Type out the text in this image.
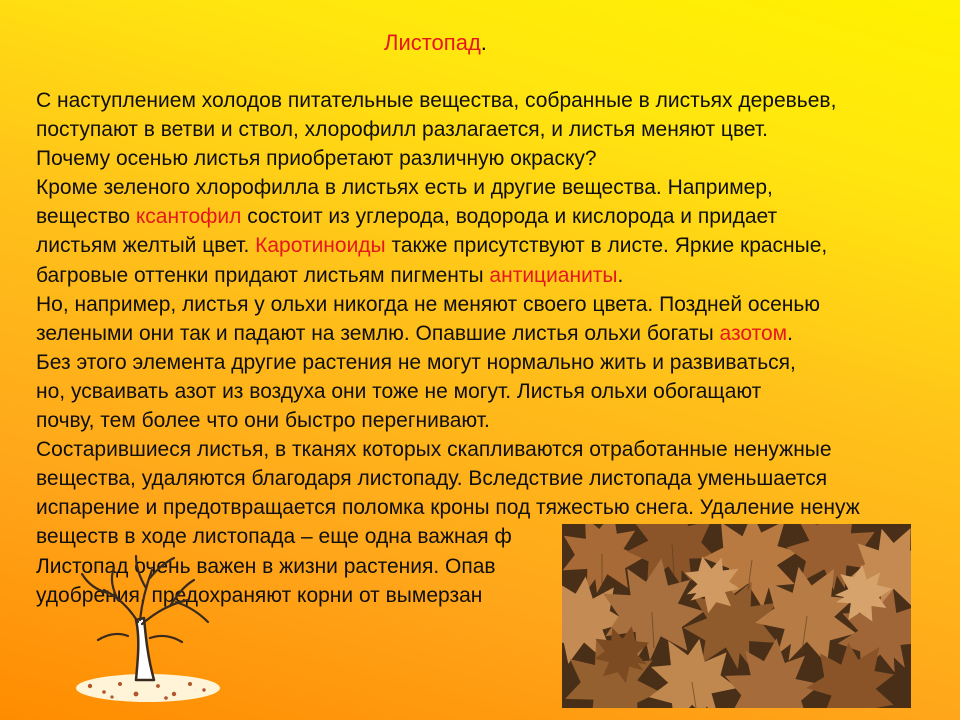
Листопад.
С наступлением холодов питательные вещества, собранные в листьях деревьев,
поступают в ветви и ствол, хлорофилл разлагается, и листья меняют цвет.
Почему осенью листья приобретают различную окраску?
Кроме зеленого хлорофилла в листьях есть и другие вещества. Например,
вещество ксантофил состоит из углерода, водорода и кислорода и придает
листьям желтый цвет. Каротиноиды также присутствуют в листе. Яркие красные,
багровые оттенки придают листьям пигменты антицианиты.
Но, например, листья у ольхи никогда не меняют своего цвета. Поздней осенью
зелеными они так и падают на землю. Опавшие листья ольхи богаты азотом.
Без этого элемента другие растения не могут нормально жить и развиваться,
но, усваивать азот из воздуха они тоже не могут. Листья ольхи обогащают
почву, тем более что они быстро перегнивают.
Состарившиеся листья, в тканях которых скапливаются отработанные ненужные
вещества, удаляются благодаря листопаду. Вследствие листопада уменьшается
испарение и предотвращается поломка кроны под тяжестью снега. Удаление ненуж
веществ в ходе листопада – еще одна важная ф
Листопад очень важен в жизни растения. Опав
удобрения, предохраняют корни от вымерзан
